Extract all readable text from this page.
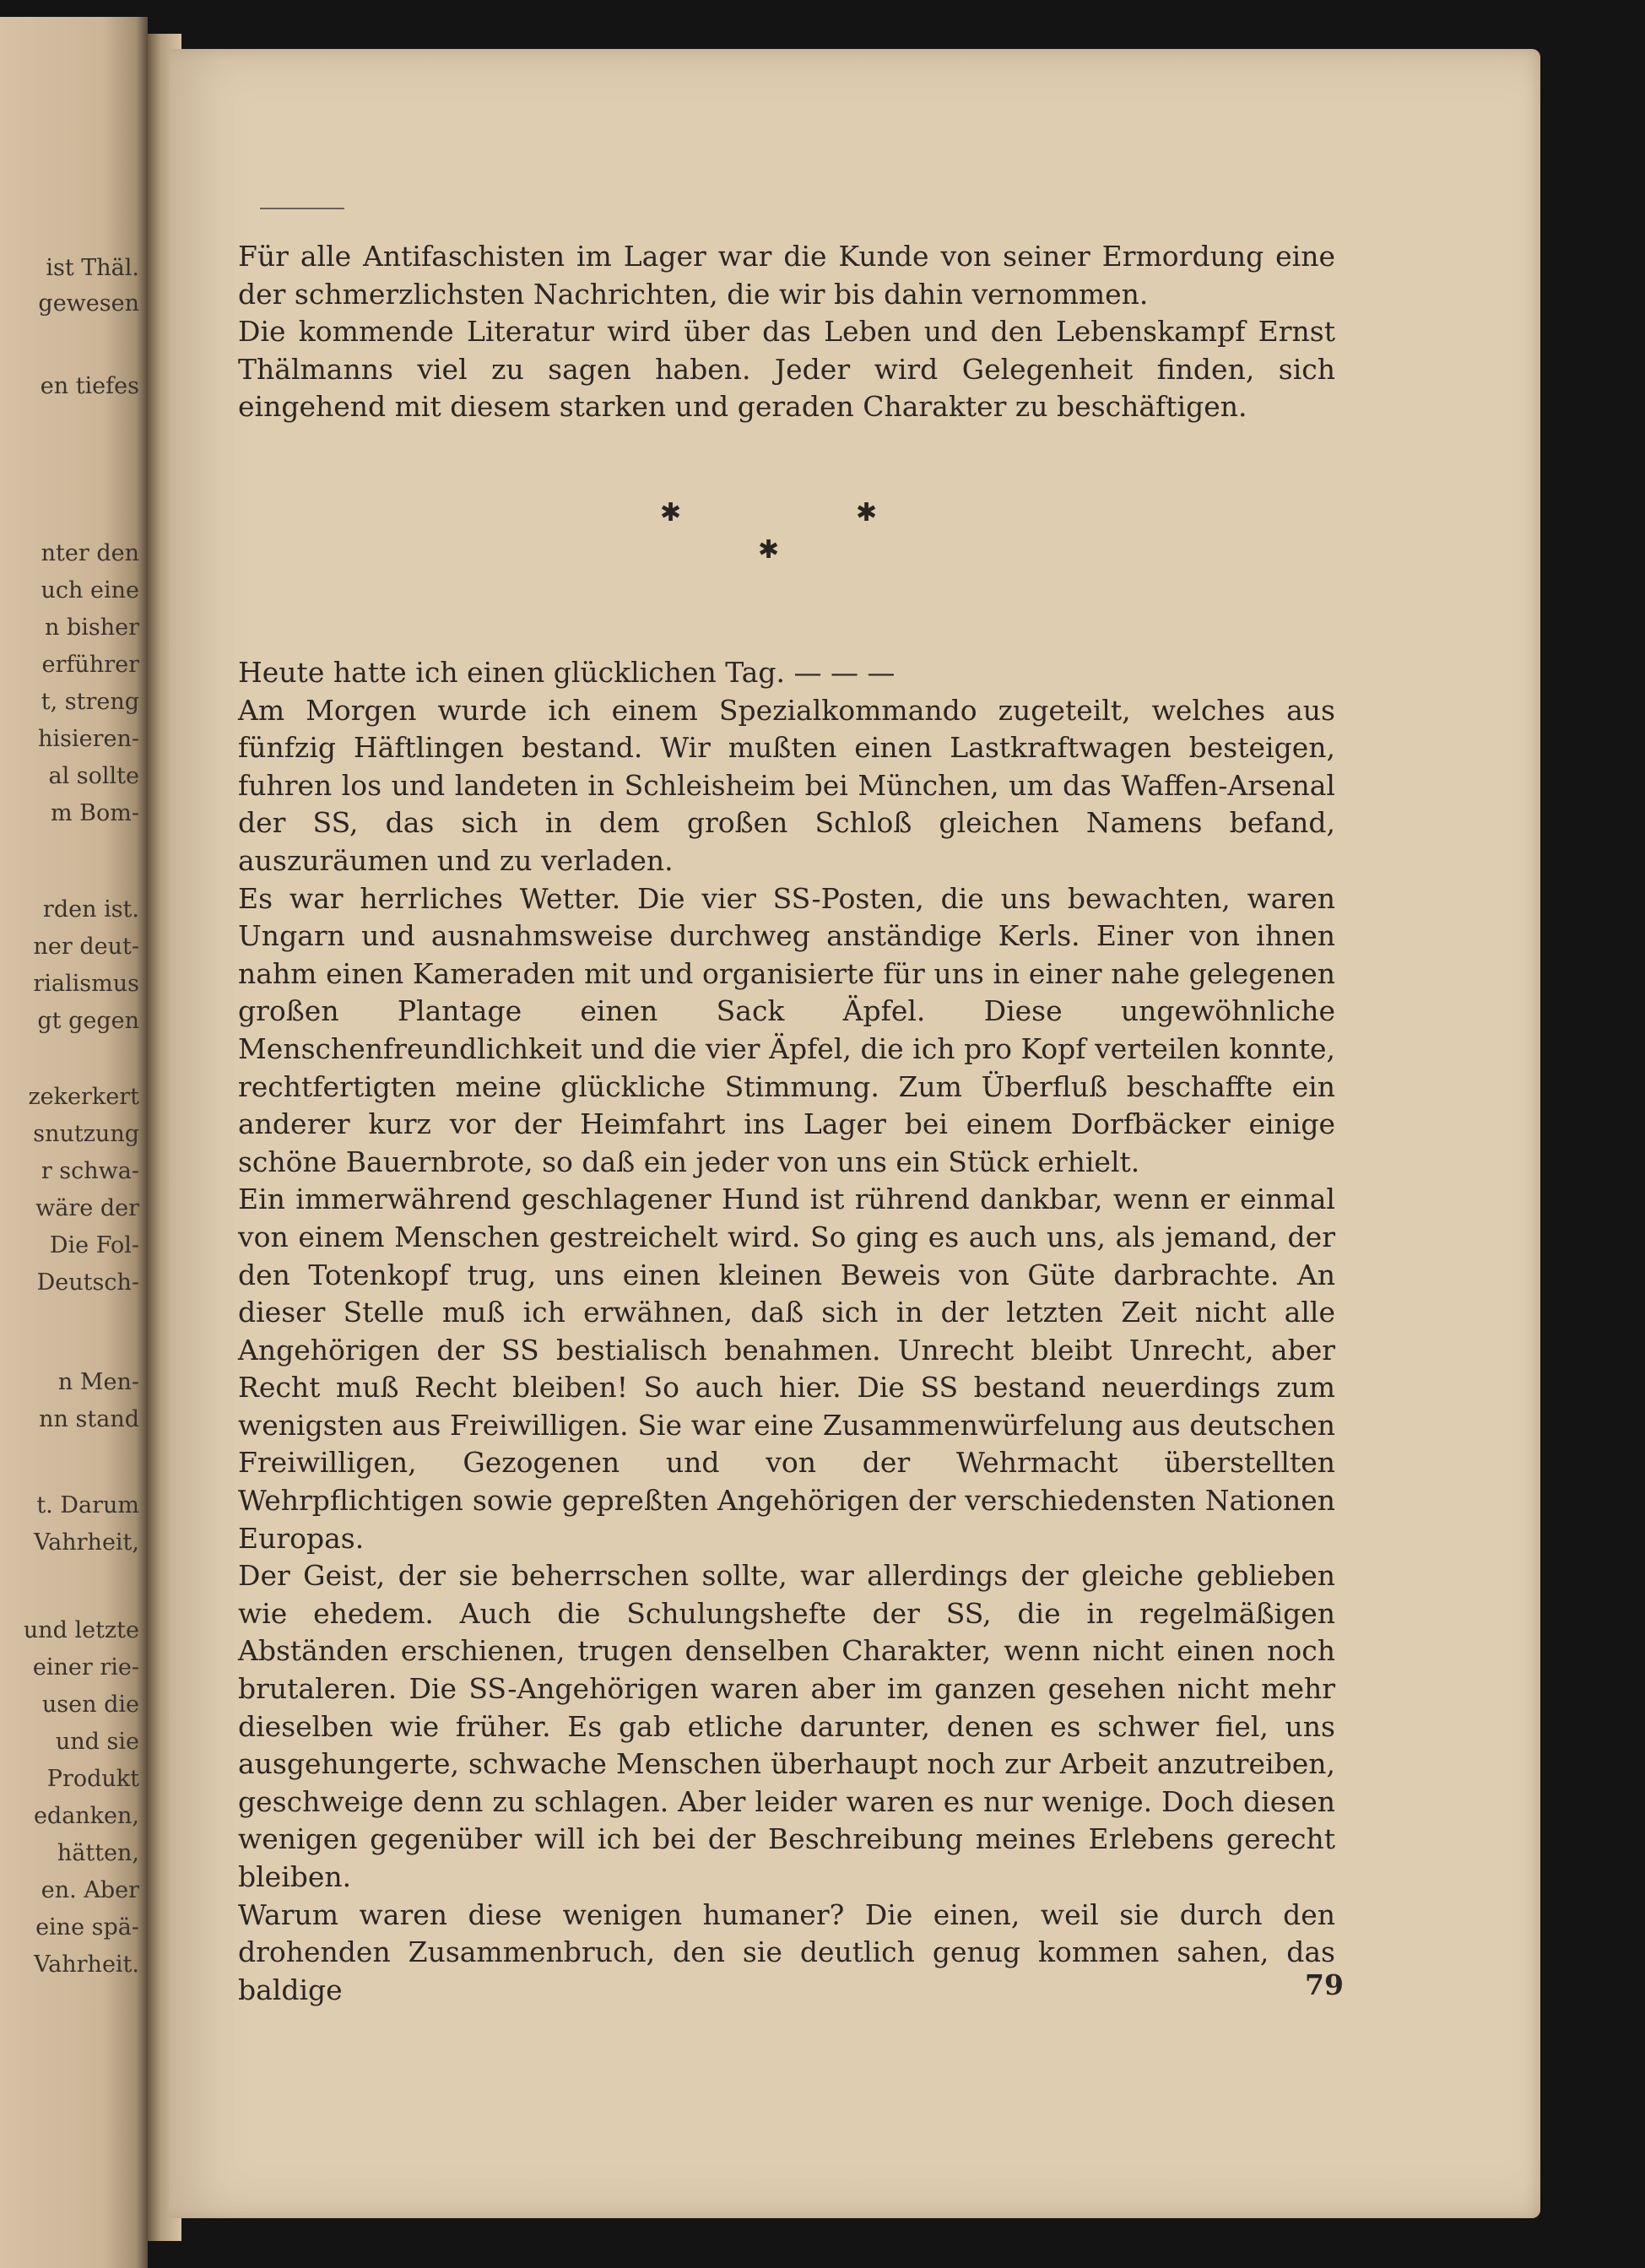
ist Thäl.
gewesen
en tiefes
nter den
uch eine
n bisher
erführer
t, streng
hisieren-
al sollte
m Bom-
rden ist.
ner deut-
rialismus
gt gegen
zekerkert
snutzung
r schwa-
wäre der
Die Fol-
Deutsch-
n Men-
nn stand
t. Darum
Vahrheit,
und letzte
einer rie-
usen die
und sie
Produkt
edanken,
hätten,
en. Aber
eine spä-
Vahrheit.

Für alle Antifaschisten im Lager war die Kunde von seiner Ermordung eine der schmerzlichsten Nachrichten, die wir bis dahin vernommen.

Die kommende Literatur wird über das Leben und den Lebenskampf Ernst Thälmanns viel zu sagen haben. Jeder wird Gelegenheit finden, sich eingehend mit diesem starken und geraden Charakter zu beschäftigen.

✱	✱
✱

Heute hatte ich einen glücklichen Tag. — — —

Am Morgen wurde ich einem Spezialkommando zugeteilt, welches aus fünfzig Häftlingen bestand. Wir mußten einen Lastkraftwagen besteigen, fuhren los und landeten in Schleisheim bei München, um das Waffen-Arsenal der SS, das sich in dem großen Schloß gleichen Namens befand, auszuräumen und zu verladen.

Es war herrliches Wetter. Die vier SS-Posten, die uns bewachten, waren Ungarn und ausnahmsweise durchweg anständige Kerls. Einer von ihnen nahm einen Kameraden mit und organisierte für uns in einer nahe gelegenen großen Plantage einen Sack Äpfel. Diese ungewöhnliche Menschenfreundlichkeit und die vier Äpfel, die ich pro Kopf verteilen konnte, rechtfertigten meine glückliche Stimmung. Zum Überfluß beschaffte ein anderer kurz vor der Heimfahrt ins Lager bei einem Dorfbäcker einige schöne Bauernbrote, so daß ein jeder von uns ein Stück erhielt.

Ein immerwährend geschlagener Hund ist rührend dankbar, wenn er einmal von einem Menschen gestreichelt wird. So ging es auch uns, als jemand, der den Totenkopf trug, uns einen kleinen Beweis von Güte darbrachte. An dieser Stelle muß ich erwähnen, daß sich in der letzten Zeit nicht alle Angehörigen der SS bestialisch benahmen. Unrecht bleibt Unrecht, aber Recht muß Recht bleiben! So auch hier. Die SS bestand neuerdings zum wenigsten aus Freiwilligen. Sie war eine Zusammenwürfelung aus deutschen Freiwilligen, Gezogenen und von der Wehrmacht überstellten Wehrpflichtigen sowie gepreßten Angehörigen der verschiedensten Nationen Europas.

Der Geist, der sie beherrschen sollte, war allerdings der gleiche geblieben wie ehedem. Auch die Schulungshefte der SS, die in regelmäßigen Abständen erschienen, trugen denselben Charakter, wenn nicht einen noch brutaleren. Die SS-Angehörigen waren aber im ganzen gesehen nicht mehr dieselben wie früher. Es gab etliche darunter, denen es schwer fiel, uns ausgehungerte, schwache Menschen überhaupt noch zur Arbeit anzutreiben, geschweige denn zu schlagen. Aber leider waren es nur wenige. Doch diesen wenigen gegenüber will ich bei der Beschreibung meines Erlebens gerecht bleiben.

Warum waren diese wenigen humaner? Die einen, weil sie durch den drohenden Zusammenbruch, den sie deutlich genug kommen sahen, das baldige	79
